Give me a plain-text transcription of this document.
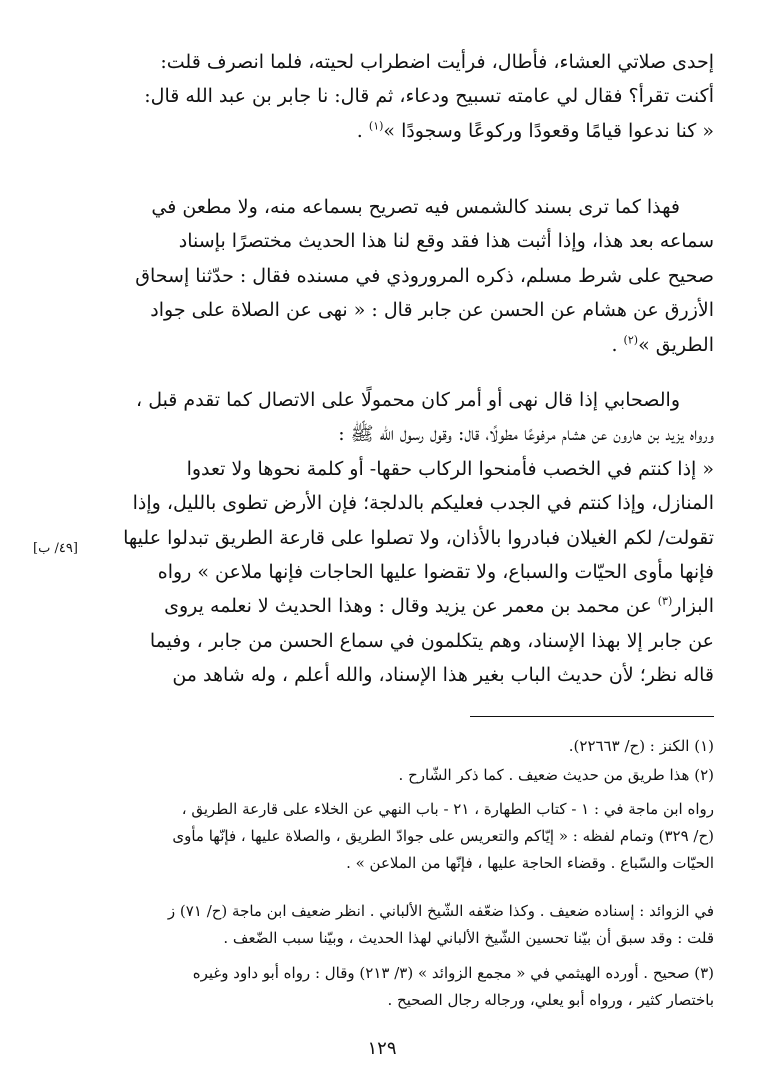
إحدى صلاتي العشاء، فأطال، فرأيت اضطراب لحيته، فلما انصرف قلت:
أكنت تقرأ؟ فقال لي عامته تسبيح ودعاء، ثم قال: نا جابر بن عبد الله قال:
« كنا ندعوا قيامًا وقعودًا وركوعًا وسجودًا »$^{(١)}$ .
فهذا كما ترى بسند كالشمس فيه تصريح بسماعه منه، ولا مطعن في
سماعه بعد هذا، وإذا أثبت هذا فقد وقع لنا هذا الحديث مختصرًا بإسناد
صحيح على شرط مسلم، ذكره المروروذي في مسنده فقال : حدّثنا إسحاق
الأزرق عن هشام عن الحسن عن جابر قال : « نهى عن الصلاة على جواد
الطريق »$^{(٢)}$ .
والصحابي إذا قال نهى أو أمر كان محمولًا على الاتصال كما تقدم قبل ،
ورواه يزيد بن هارون عن هشام مرفوعًا مطولًا، قال: وقول رسول الله ﷺ :
« إذا كنتم في الخصب فأمنحوا الركاب حقها- أو كلمة نحوها ولا تعدوا
المنازل، وإذا كنتم في الجدب فعليكم بالدلجة؛ فإن الأرض تطوى بالليل، وإذا
تقولت/ لكم الغيلان فبادروا بالأذان، ولا تصلوا على قارعة الطريق تبدلوا عليها
فإنها مأوى الحيّات والسباع، ولا تقضوا عليها الحاجات فإنها ملاعن » رواه
البزار$^{(٣)}$ عن محمد بن معمر عن يزيد وقال : وهذا الحديث لا نعلمه يروى
عن جابر إلا بهذا الإسناد، وهم يتكلمون في سماع الحسن من جابر ، وفيما
قاله نظر؛ لأن حديث الباب بغير هذا الإسناد، والله أعلم ، وله شاهد من
[٤٩/ ب]
(١) الكنز : (ح/ ٢٢٦٦٣).
(٢) هذا طريق من حديث ضعيف . كما ذكر الشّارح .
رواه ابن ماجة في : ١ - كتاب الطهارة ، ٢١ - باب النهي عن الخلاء على قارعة الطريق ،
(ح/ ٣٢٩) وتمام لفظه : « إيّاكم والتعريس على جوادّ الطريق ، والصلاة عليها ، فإنّها مأوى
الحيّات والسّباع . وقضاء الحاجة عليها ، فإنّها من الملاعن » .
في الزوائد : إسناده ضعيف . وكذا ضعّفه الشّيخ الألباني . انظر ضعيف ابن ماجة (ح/ ٧١) ز
قلت : وقد سبق أن بيّنا تحسين الشّيخ الألباني لهذا الحديث ، وبيّنا سبب الضّعف .
(٣) صحيح . أورده الهيثمي في « مجمع الزوائد » (٣/ ٢١٣) وقال : رواه أبو داود وغيره
باختصار كثير ، ورواه أبو يعلي، ورجاله رجال الصحيح .
١٢٩
